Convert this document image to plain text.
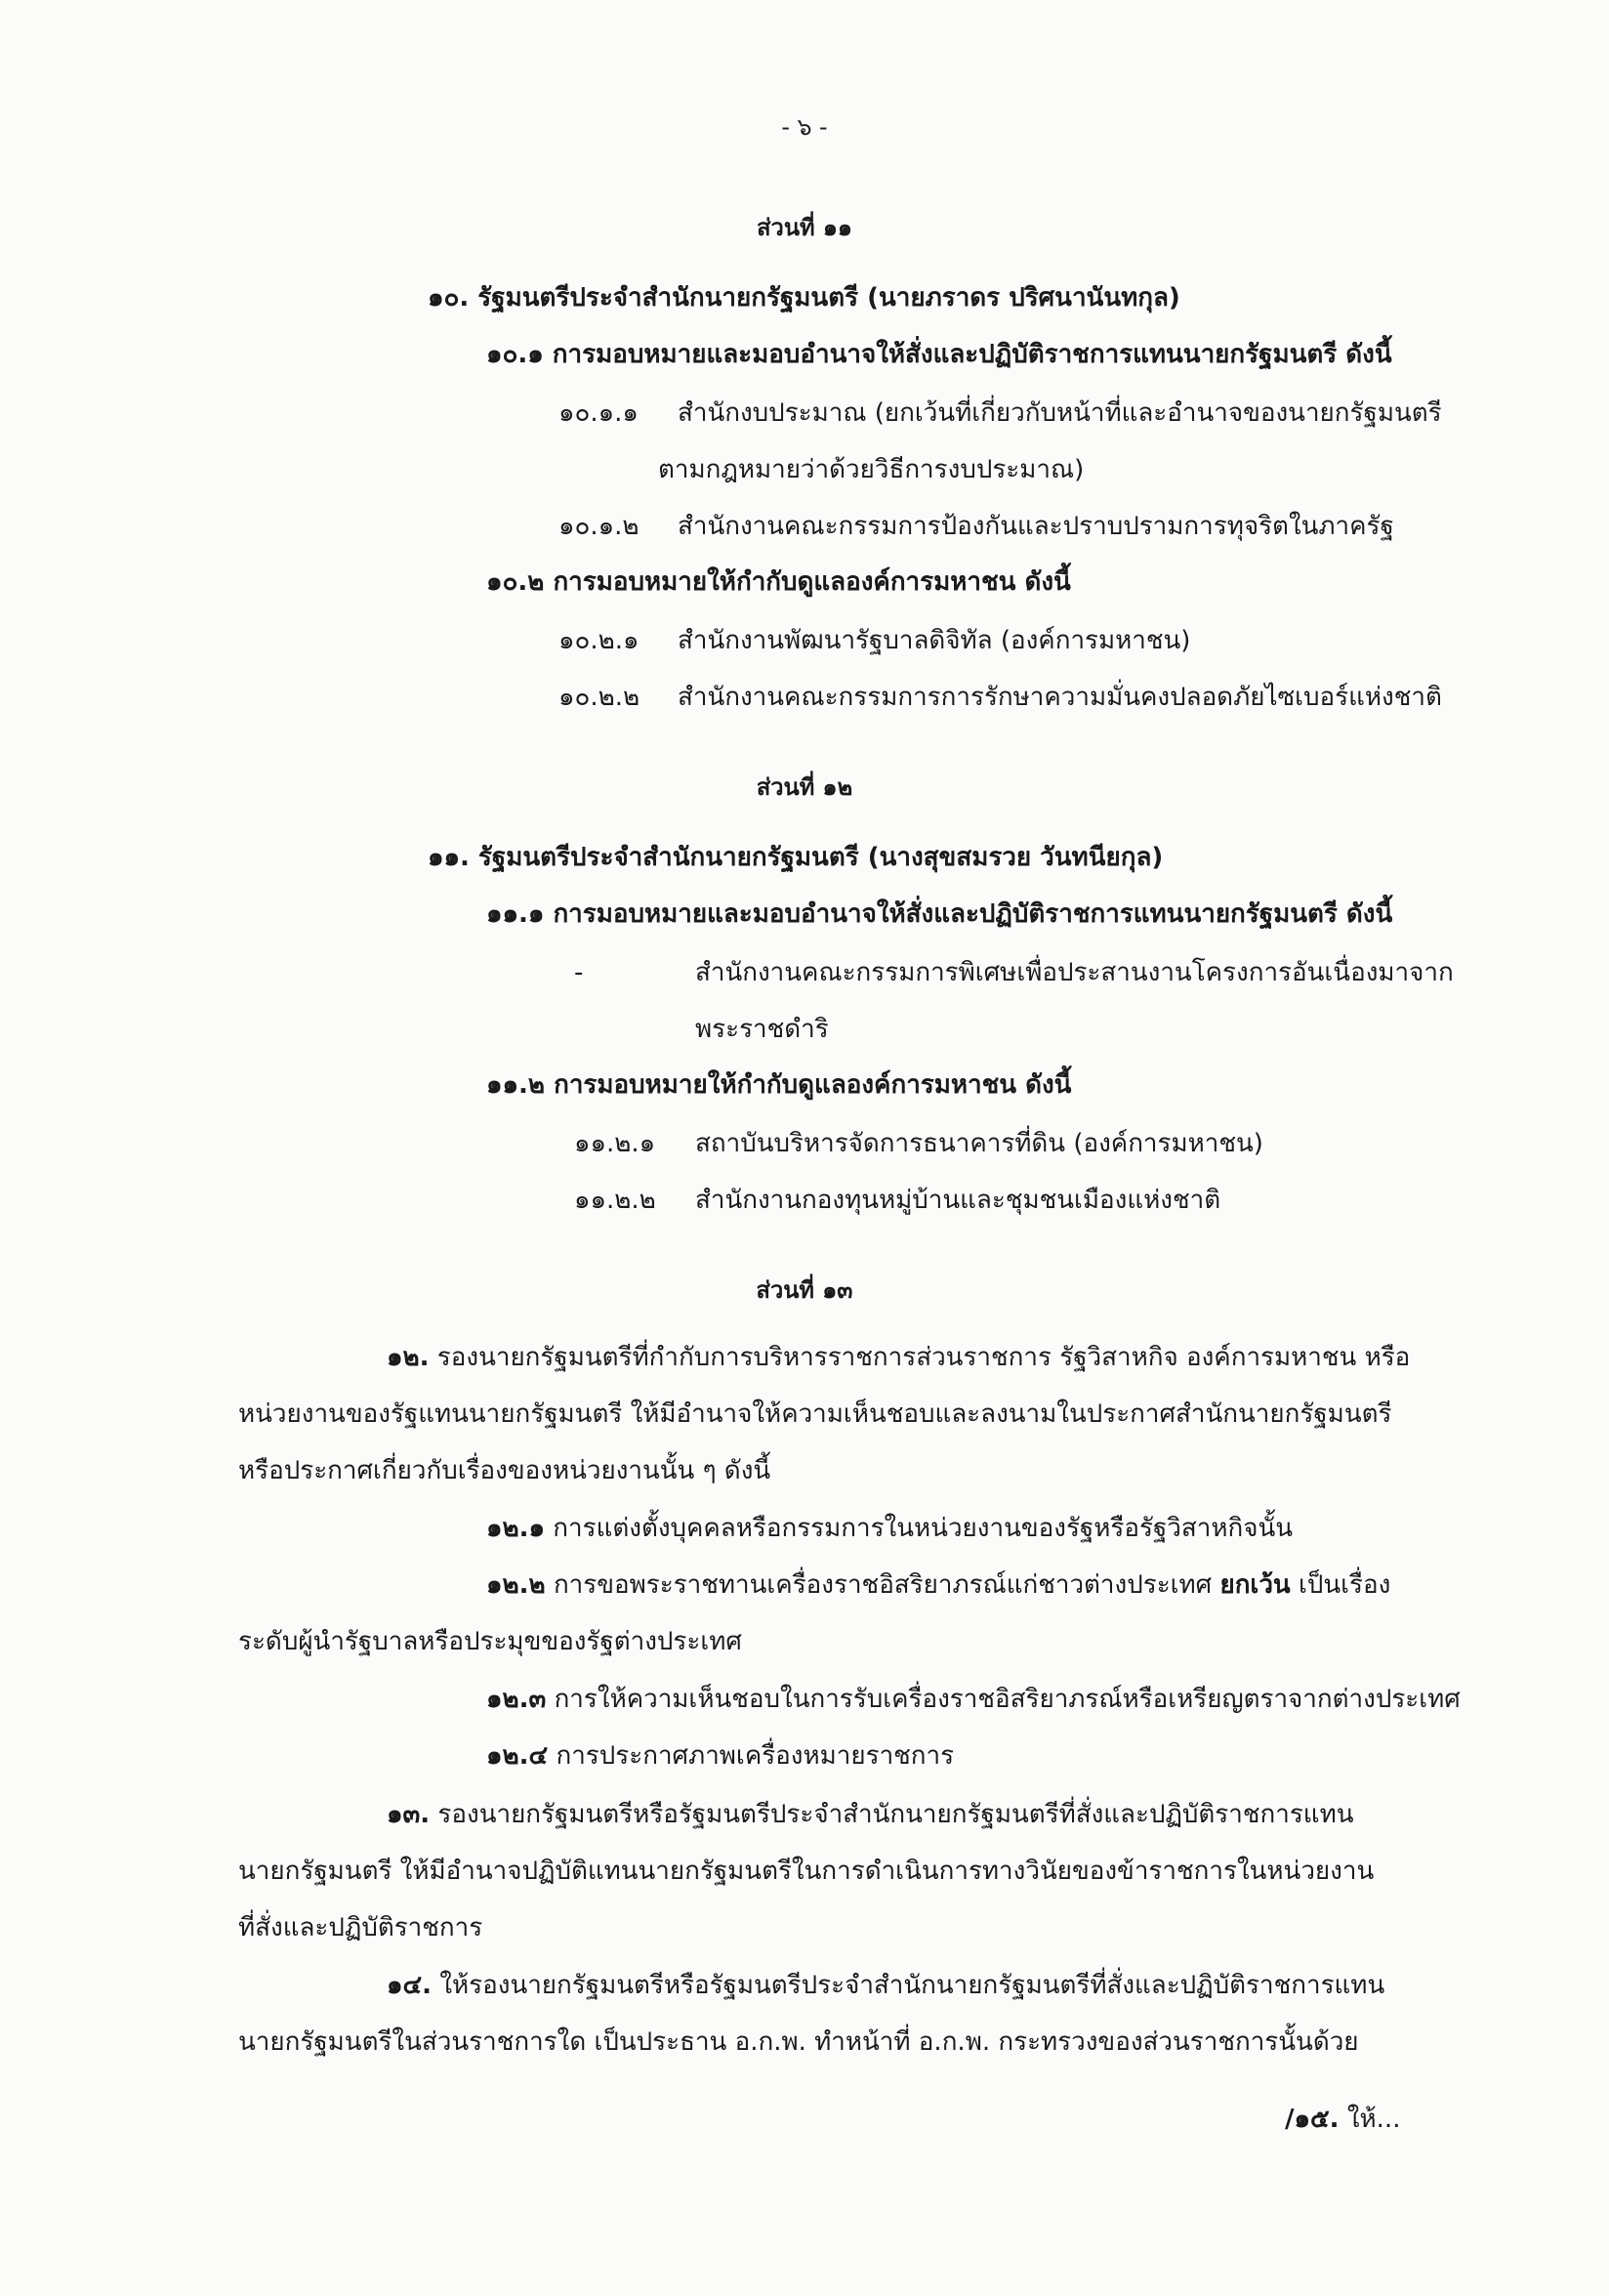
- ๖ -
ส่วนที่ ๑๑
๑๐. รัฐมนตรีประจำสำนักนายกรัฐมนตรี (นายภราดร ปริศนานันทกุล)
๑๐.๑ การมอบหมายและมอบอำนาจให้สั่งและปฏิบัติราชการแทนนายกรัฐมนตรี ดังนี้
๑๐.๑.๑ สำนักงบประมาณ (ยกเว้นที่เกี่ยวกับหน้าที่และอำนาจของนายกรัฐมนตรี
ตามกฎหมายว่าด้วยวิธีการงบประมาณ)
๑๐.๑.๒ สำนักงานคณะกรรมการป้องกันและปราบปรามการทุจริตในภาครัฐ
๑๐.๒ การมอบหมายให้กำกับดูแลองค์การมหาชน ดังนี้
๑๐.๒.๑ สำนักงานพัฒนารัฐบาลดิจิทัล (องค์การมหาชน)
๑๐.๒.๒ สำนักงานคณะกรรมการการรักษาความมั่นคงปลอดภัยไซเบอร์แห่งชาติ
ส่วนที่ ๑๒
๑๑. รัฐมนตรีประจำสำนักนายกรัฐมนตรี (นางสุขสมรวย วันทนียกุล)
๑๑.๑ การมอบหมายและมอบอำนาจให้สั่งและปฏิบัติราชการแทนนายกรัฐมนตรี ดังนี้
-	สำนักงานคณะกรรมการพิเศษเพื่อประสานงานโครงการอันเนื่องมาจาก
พระราชดำริ
๑๑.๒ การมอบหมายให้กำกับดูแลองค์การมหาชน ดังนี้
๑๑.๒.๑ สถาบันบริหารจัดการธนาคารที่ดิน (องค์การมหาชน)
๑๑.๒.๒ สำนักงานกองทุนหมู่บ้านและชุมชนเมืองแห่งชาติ
ส่วนที่ ๑๓
๑๒. รองนายกรัฐมนตรีที่กำกับการบริหารราชการส่วนราชการ รัฐวิสาหกิจ องค์การมหาชน หรือ
หน่วยงานของรัฐแทนนายกรัฐมนตรี ให้มีอำนาจให้ความเห็นชอบและลงนามในประกาศสำนักนายกรัฐมนตรี
หรือประกาศเกี่ยวกับเรื่องของหน่วยงานนั้น ๆ ดังนี้
๑๒.๑ การแต่งตั้งบุคคลหรือกรรมการในหน่วยงานของรัฐหรือรัฐวิสาหกิจนั้น
๑๒.๒ การขอพระราชทานเครื่องราชอิสริยาภรณ์แก่ชาวต่างประเทศ ยกเว้น เป็นเรื่อง
ระดับผู้นำรัฐบาลหรือประมุขของรัฐต่างประเทศ
๑๒.๓ การให้ความเห็นชอบในการรับเครื่องราชอิสริยาภรณ์หรือเหรียญตราจากต่างประเทศ
๑๒.๔ การประกาศภาพเครื่องหมายราชการ
๑๓. รองนายกรัฐมนตรีหรือรัฐมนตรีประจำสำนักนายกรัฐมนตรีที่สั่งและปฏิบัติราชการแทน
นายกรัฐมนตรี ให้มีอำนาจปฏิบัติแทนนายกรัฐมนตรีในการดำเนินการทางวินัยของข้าราชการในหน่วยงาน
ที่สั่งและปฏิบัติราชการ
๑๔. ให้รองนายกรัฐมนตรีหรือรัฐมนตรีประจำสำนักนายกรัฐมนตรีที่สั่งและปฏิบัติราชการแทน
นายกรัฐมนตรีในส่วนราชการใด เป็นประธาน อ.ก.พ. ทำหน้าที่ อ.ก.พ. กระทรวงของส่วนราชการนั้นด้วย
/๑๕. ให้...
